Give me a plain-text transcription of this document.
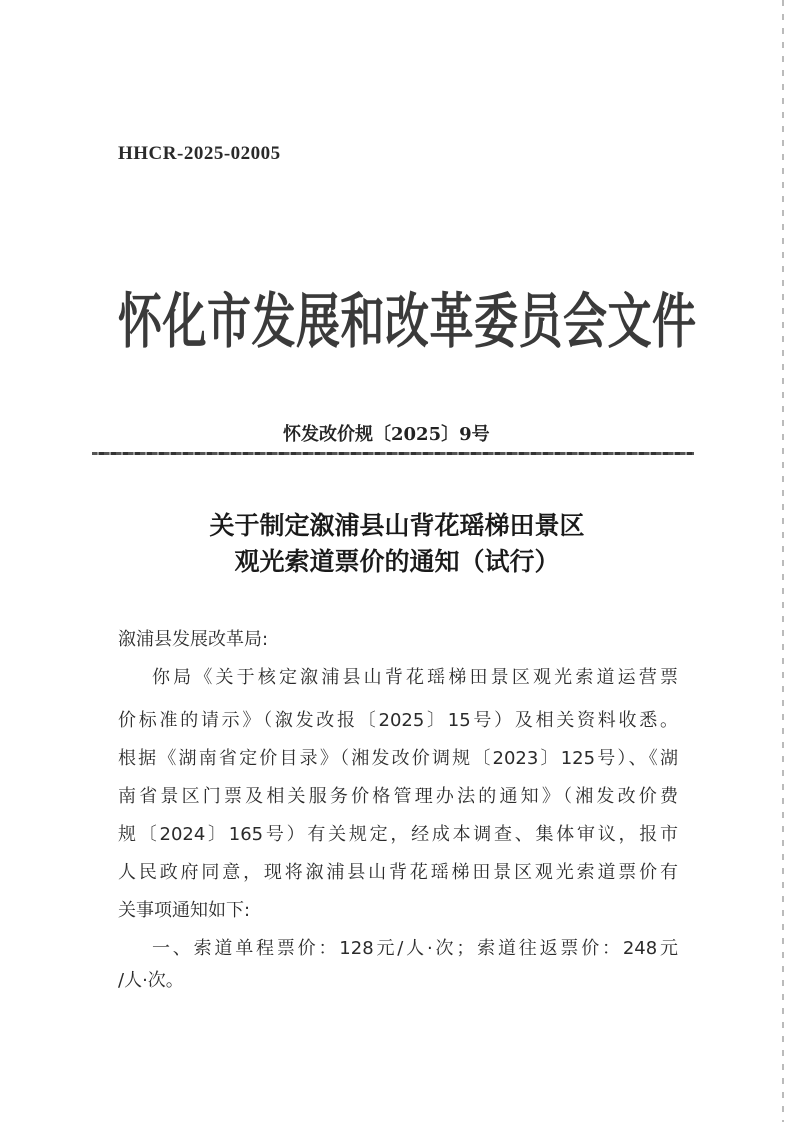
HHCR-2025-02005
怀化市发展和改革委员会文件
怀发改价规〔2025〕9号
关于制定溆浦县山背花瑶梯田景区
观光索道票价的通知（试行）
溆浦县发展改革局:
你局《关于核定溆浦县山背花瑶梯田景区观光索道运营票
价标准的请示》（溆发改报〔2025〕15号）及相关资料收悉。
根据《湖南省定价目录》（湘发改价调规〔2023〕125号）、《湖
南省景区门票及相关服务价格管理办法的通知》（湘发改价费
规〔2024〕165号）有关规定，经成本调查、集体审议，报市
人民政府同意，现将溆浦县山背花瑶梯田景区观光索道票价有
关事项通知如下:
一、索道单程票价：128元/人·次；索道往返票价：248元
/人·次。
